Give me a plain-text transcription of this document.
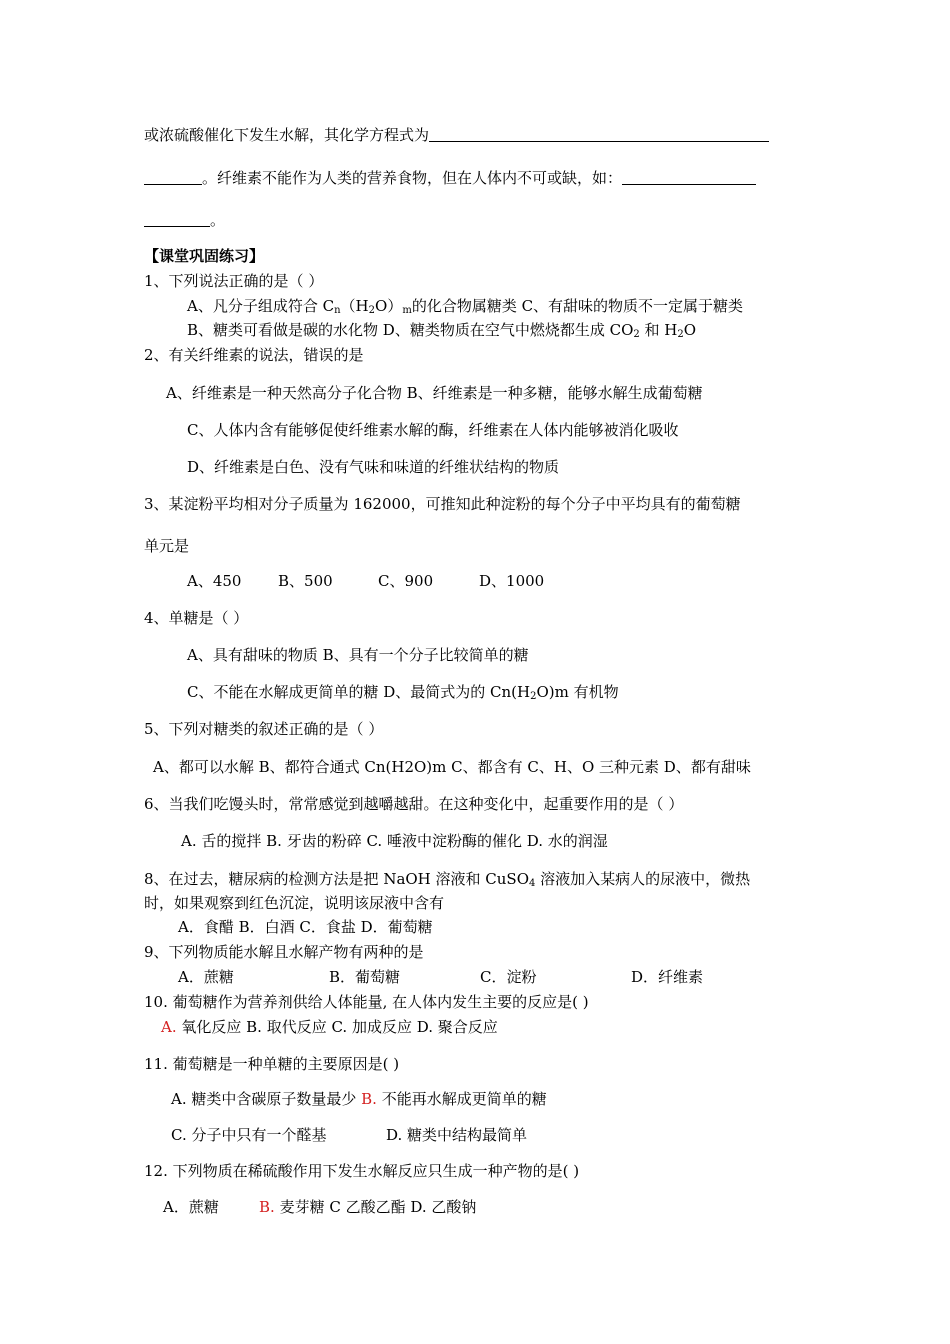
或浓硫酸催化下发生水解，其化学方程式为
。纤维素不能作为人类的营养食物，但在人体内不可或缺，如：
。
【课堂巩固练习】
1、下列说法正确的是（ ）
A、凡分子组成符合 $C_n(H_2O)_m$的化合物属糖类 C、有甜味的物质不一定属于糖类
B、糖类可看做是碳的水化物 D、糖类物质在空气中燃烧都生成 $CO_2$ 和 $H_2O$
2、有关纤维素的说法，错误的是
A、纤维素是一种天然高分子化合物 B、纤维素是一种多糖，能够水解生成葡萄糖
C、人体内含有能够促使纤维素水解的酶，纤维素在人体内能够被消化吸收
D、纤维素是白色、没有气味和味道的纤维状结构的物质
3、某淀粉平均相对分子质量为 162000，可推知此种淀粉的每个分子中平均具有的葡萄糖
单元是
A、450 B、500	C、900	D、1000
4、单糖是（ ）
A、具有甜味的物质 B、具有一个分子比较简单的糖
C、不能在水解成更简单的糖 D、最简式为的 $Cn(H_2O)m$ 有机物
5、下列对糖类的叙述正确的是（ ）
A、都可以水解 B、都符合通式 Cn(H2O)m C、都含有 C、H、O 三种元素 D、都有甜味
6、当我们吃馒头时，常常感觉到越嚼越甜。在这种变化中，起重要作用的是（ ）
A. 舌的搅拌 B. 牙齿的粉碎 C. 唾液中淀粉酶的催化 D. 水的润湿
8、在过去，糖尿病的检测方法是把 NaOH 溶液和 CuSO$_4$ 溶液加入某病人的尿液中，微热
时，如果观察到红色沉淀，说明该尿液中含有
A．食醋 B．白酒 C．食盐 D．葡萄糖
9、下列物质能水解且水解产物有两种的是
A．蔗糖	B．葡萄糖	C．淀粉	D．纤维素
10. 葡萄糖作为营养剂供给人体能量, 在人体内发生主要的反应是( )
A. 氧化反应 B. 取代反应 C. 加成反应 D. 聚合反应
11. 葡萄糖是一种单糖的主要原因是( )
A. 糖类中含碳原子数量最少 B. 不能再水解成更简单的糖
C. 分子中只有一个醛基	D. 糖类中结构最简单
12. 下列物质在稀硫酸作用下发生水解反应只生成一种产物的是( )
A．蔗糖	B. 麦芽糖 C 乙酸乙酯 D. 乙酸钠
